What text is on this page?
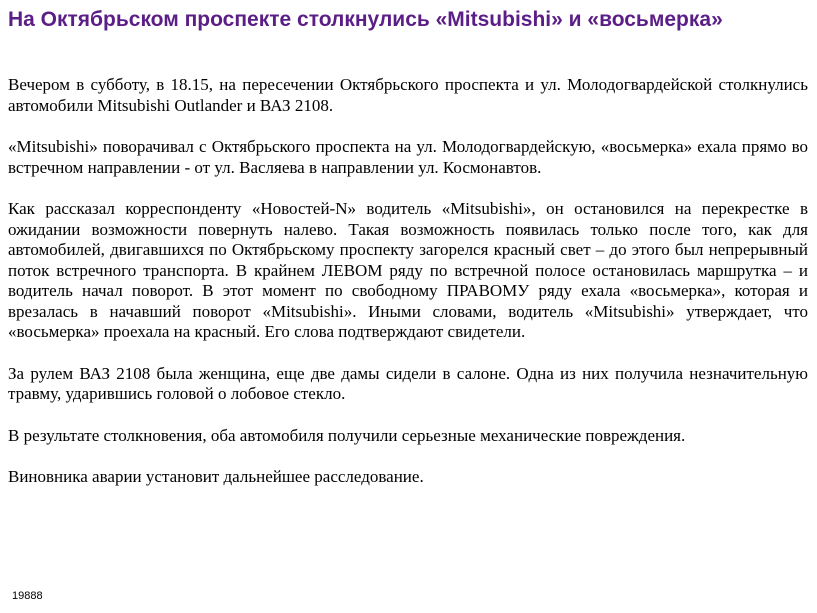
На Октябрьском проспекте столкнулись «Mitsubishi» и «восьмерка»

Вечером в субботу, в 18.15, на пересечении Октябрьского проспекта и ул. Молодогвардейской столкнулись автомобили Mitsubishi Outlander и ВАЗ 2108.

«Mitsubishi» поворачивал с Октябрьского проспекта на ул. Молодогвардейскую, «восьмерка» ехала прямо во встречном направлении - от ул. Васляева в направлении ул. Космонавтов.

Как рассказал корреспонденту «Новостей-N» водитель «Mitsubishi», он остановился на перекрестке в ожидании возможности повернуть налево. Такая возможность появилась только после того, как для автомобилей, двигавшихся по Октябрьскому проспекту загорелся красный свет – до этого был непрерывный поток встречного транспорта. В крайнем ЛЕВОМ ряду по встречной полосе остановилась маршрутка – и водитель начал поворот. В этот момент по свободному ПРАВОМУ ряду ехала «восьмерка», которая и врезалась в начавший поворот «Mitsubishi». Иными словами, водитель «Mitsubishi» утверждает, что «восьмерка» проехала на красный. Его слова подтверждают свидетели.

За рулем ВАЗ 2108 была женщина, еще две дамы сидели в салоне. Одна из них получила незначительную травму, ударившись головой о лобовое стекло.

В результате столкновения, оба автомобиля получили серьезные механические повреждения.

Виновника аварии установит дальнейшее расследование.

19888
